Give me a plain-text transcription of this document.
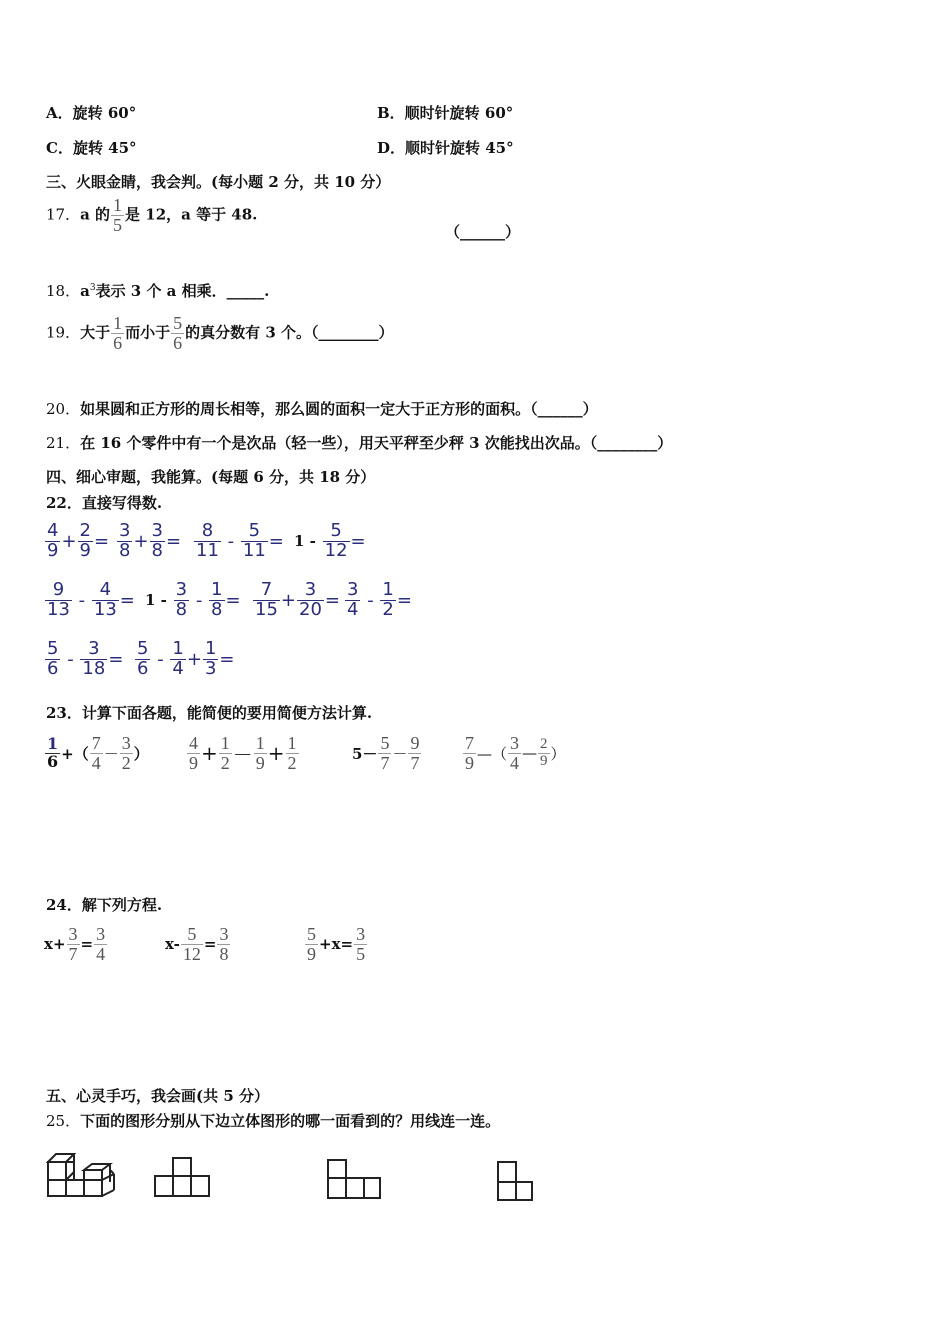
A．旋转 60°	B．顺时针旋转 60°
C．旋转 45°	D．顺时针旋转 45°
三、火眼金睛，我会判。(每小题 2 分，共 10 分）
17．a 的 $\frac{1}{5}$ 是 12，a 等于 48.
（______）
18．$a^3$表示 3 个 a 相乘．_____.
19．大于 $\frac{1}{6}$ 而小于 $\frac{5}{6}$ 的真分数有 3 个。（________）
20．如果圆和正方形的周长相等，那么圆的面积一定大于正方形的面积。（______）
21．在 16 个零件中有一个是次品（轻一些），用天平秤至少秤 3 次能找出次品。（________）
四、细心审题，我能算。(每题 6 分，共 18 分）
22．直接写得数.
$\frac{4}{9} + \frac{2}{9} = \frac{3}{8} + \frac{3}{8} = \frac{8}{11} - \frac{5}{11} = 1 - \frac{5}{12}$ =
$\frac{9}{13} - \frac{4}{13} = 1 - \frac{3}{8} - \frac{1}{8} = \frac{7}{15} + \frac{3}{20} = \frac{3}{4} - \frac{1}{2}$ =
$\frac{5}{6} - \frac{3}{18} = \frac{5}{6} - \frac{1}{4} + \frac{1}{3}$ =
23．计算下面各题，能简便的要用简便方法计算.
$\frac{1}{6}$ +（ $\frac{7}{4} - \frac{3}{2}$ ） $\frac{4}{9} + \frac{1}{2} - \frac{1}{9} + \frac{1}{2}$	$5- \frac{5}{7} - \frac{9}{7} \frac{7}{9}$ —（ $\frac{3}{4}$ — $\frac{2}{9}$ ）
24．解下列方程.
$x+ \frac{3}{7} = \frac{3}{4}$	$x- \frac{5}{12} = \frac{3}{8}$	$\frac{5}{9} +x= \frac{3}{5}$
五、心灵手巧，我会画(共 5 分）
25．下面的图形分别从下边立体图形的哪一面看到的？用线连一连。
